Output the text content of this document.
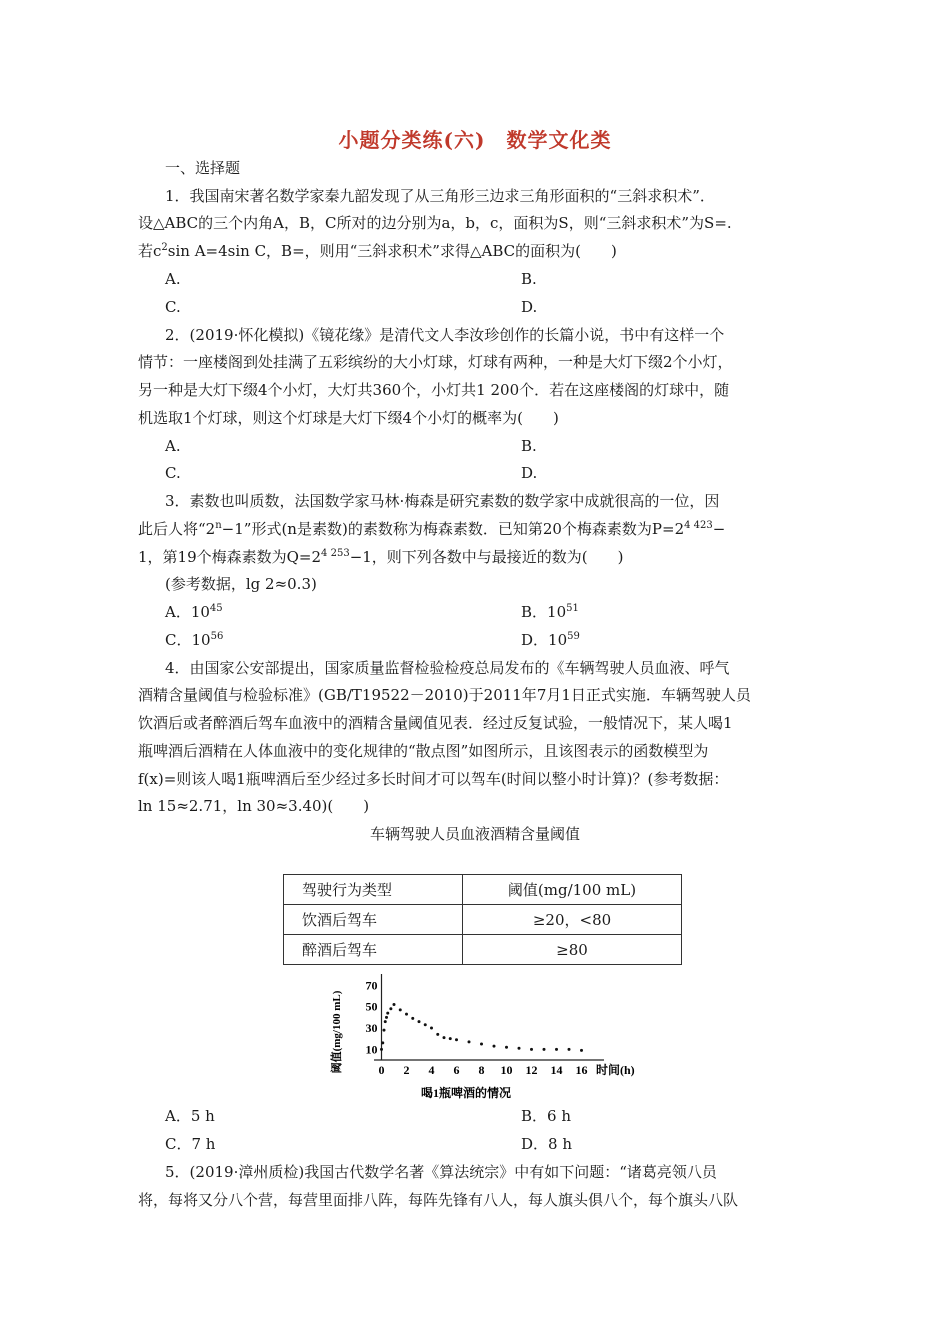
小题分类练(六)　数学文化类
一、选择题
1．我国南宋著名数学家秦九韶发现了从三角形三边求三角形面积的“三斜求积术”．
设△ABC的三个内角A，B，C所对的边分别为a，b，c，面积为S，则“三斜求积术”为S=.
若$c^2\sin$ A=4sin C，B=，则用“三斜求积术”求得△ABC的面积为(　　)
A.	B.
C.	D.
2．(2019·怀化模拟)《镜花缘》是清代文人李汝珍创作的长篇小说，书中有这样一个
情节：一座楼阁到处挂满了五彩缤纷的大小灯球，灯球有两种，一种是大灯下缀2个小灯，
另一种是大灯下缀4个小灯，大灯共360个，小灯共1 200个．若在这座楼阁的灯球中，随
机选取1个灯球，则这个灯球是大灯下缀4个小灯的概率为(　　)
A.	B.
C.	D.
3．素数也叫质数，法国数学家马林·梅森是研究素数的数学家中成就很高的一位，因
此后人将“$2^n-1$”形式(n是素数)的素数称为梅森素数．已知第20个梅森素数为$P=2^{4 423}-$
1，第19个梅森素数为$Q=2^{4 253}-1$，则下列各数中与最接近的数为(　　)
(参考数据，lg 2≈0.3)
A．$10^{45}$	B．$10^{51}$
C．$10^{56}$	D．$10^{59}$
4．由国家公安部提出，国家质量监督检验检疫总局发布的《车辆驾驶人员血液、呼气
酒精含量阈值与检验标准》(GB/T19522－2010)于2011年7月1日正式实施．车辆驾驶人员
饮酒后或者醉酒后驾车血液中的酒精含量阈值见表．经过反复试验，一般情况下，某人喝1
瓶啤酒后酒精在人体血液中的变化规律的“散点图”如图所示，且该图表示的函数模型为
f(x)=则该人喝1瓶啤酒后至少经过多长时间才可以驾车(时间以整小时计算)？(参考数据：
ln 15≈2.71，ln 30≈3.40)(　　)
车辆驾驶人员血液酒精含量阈值
驾驶行为类型	阈值(mg/100 mL)
饮酒后驾车	≥20，<80
醉酒后驾车	≥80
阈值(mg/100 mL)	时间(h)
喝1瓶啤酒的情况
0 2 4 6 8 10 12 14 16
10
30
50
70
A．5 h	B．6 h
C．7 h	D．8 h
5．(2019·漳州质检)我国古代数学名著《算法统宗》中有如下问题：“诸葛亮领八员
将，每将又分八个营，每营里面排八阵，每阵先锋有八人，每人旗头俱八个，每个旗头八队
